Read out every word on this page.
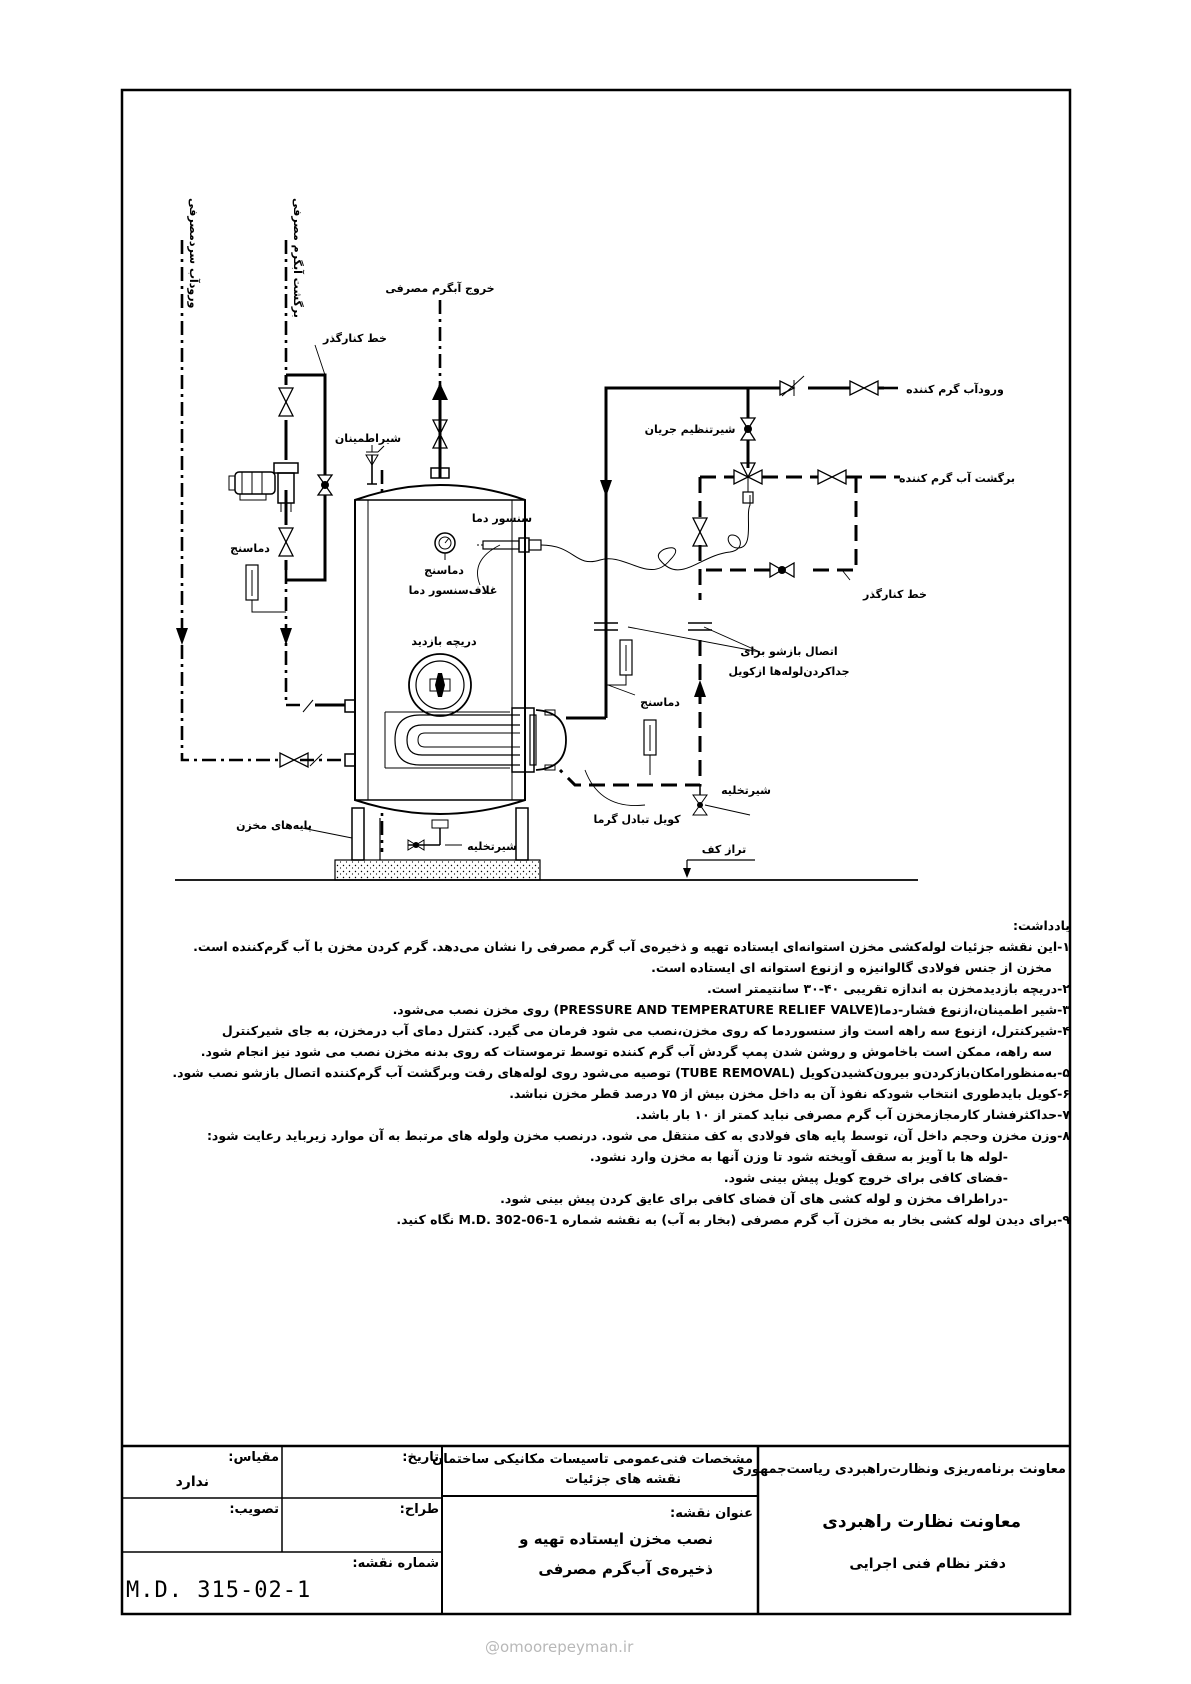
ورودآب سردمصرفی	برگشت آبگرم مصرفی	خروج آبگرم مصرفی
خط کنارگذر
شیراطمینان
دماسنج
سنسور دما
دماسنج
غلاف‌سنسور دما
دریچه بازدید
ورودآب گرم کننده
شیرتنظیم جریان
برگشت آب گرم کننده
خط کنارگذر
اتصال بازشو برای
جداکردن‌لوله‌ها ازکویل
دماسنج
شیرتخلیه
کویل تبادل گرما
پایه‌های مخزن
شیرتخلیه	تراز کف

یادداشت:

۱-این نقشه جزئیات لوله‌کشی مخزن استوانه‌ای ایستاده تهیه و ذخیره‌ی آب گرم مصرفی را نشان می‌دهد. گرم کردن مخزن با آب گرم‌کننده است.

مخزن از جنس فولادی گالوانیزه و ازنوع استوانه ای ایستاده است.

۲-دریچه بازدیدمخزن به اندازه تقریبی ۴۰-۳۰ سانتیمتر است.

۳-شیر اطمینان،ازنوع فشار-دما(PRESSURE AND TEMPERATURE RELIEF VALVE) روی مخزن نصب می‌شود.

۴-شیرکنترل، ازنوع سه راهه است واز سنسوردما که روی مخزن،نصب می شود فرمان می گیرد. کنترل دمای آب درمخزن، به جای شیرکنترل

سه راهه، ممکن است باخاموش و روشن شدن پمپ گردش آب گرم کننده توسط ترموستات که روی بدنه مخزن نصب می شود نیز انجام شود.

۵-به‌منظورامکان‌بازکردن‌و بیرون‌کشیدن‌کویل (TUBE REMOVAL) توصیه می‌شود روی لوله‌های رفت وبرگشت آب گرم‌کننده اتصال بازشو نصب شود.

۶-کویل بایدطوری انتخاب شودکه نفوذ آن به داخل مخزن بیش از ۷۵ درصد قطر مخزن نباشد.

۷-حداکثرفشار کارمجازمخزن آب گرم مصرفی نباید کمتر از ۱۰ بار باشد.

۸-وزن مخزن وحجم داخل آن، توسط پایه های فولادی به کف منتقل می شود. درنصب مخزن ولوله های مرتبط به آن موارد زیرباید رعایت شود:

-لوله ها با آویز به سقف آویخته شود تا وزن آنها به مخزن وارد نشود.

-فضای کافی برای خروج کویل پیش بینی شود.

-دراطراف مخزن و لوله کشی های آن فضای کافی برای عایق کردن پیش بینی شود.

۹-برای دیدن لوله کشی بخار به مخزن آب گرم مصرفی (بخار به آب) به نقشه شماره M.D. 302-06-1 نگاه کنید.

معاونت برنامه‌ریزی ونظارت‌راهبردی ریاست‌جمهوری
معاونت نظارت راهبردی
دفتر نظام فنی اجرایی
مشخصات فنی‌عمومی تاسیسات مکانیکی ساختمان
نقشه های جزئیات
عنوان نقشه:
نصب مخزن ایستاده تهیه و
ذخیره‌ی آب‌گرم مصرفی
تاریخ:
مقیاس:
ندارد
طراح:
تصویب:
شماره نقشه:
M.D. 315-02-1
@omoorepeyman.ir
